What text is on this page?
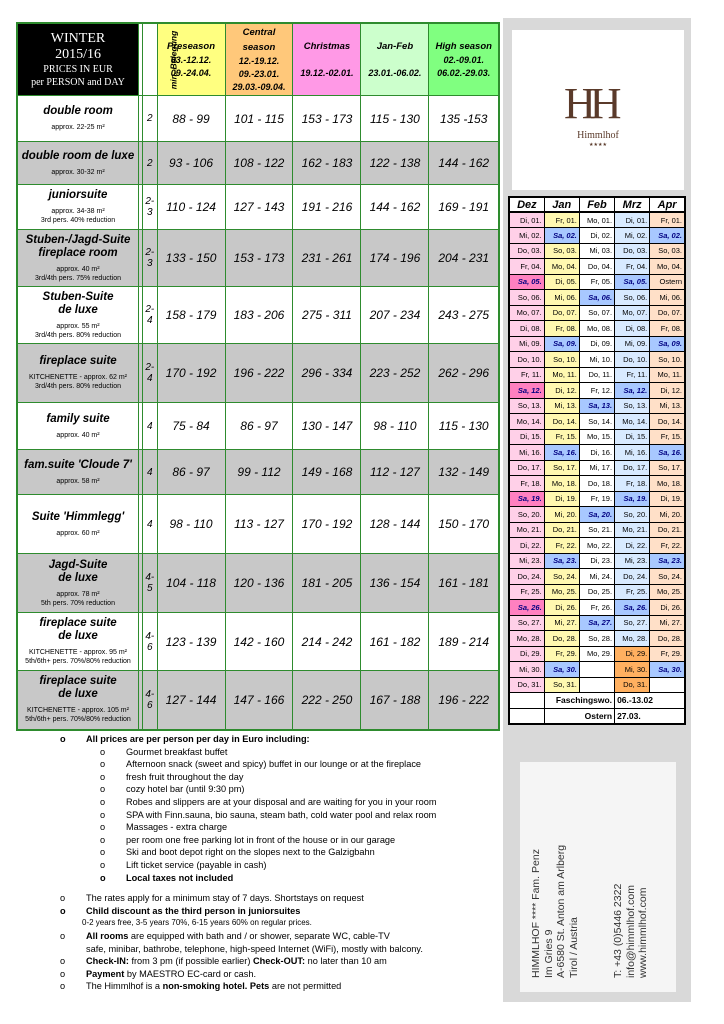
WINTER
2015/16
PRICES IN EUR
per PERSON and DAY		min. Belegung	Preseason
03.-12.12.
09.-24.04.	Central season
12.-19.12.
09.-23.01.
29.03.-09.04.	Christmas

19.12.-02.01.	Jan-Feb

23.01.-06.02.	High season
02.-09.01.
06.02.-29.03.

double room
approx. 22-25 m²		2	88 - 99	101 - 115	153 - 173	115 - 130	135 -153

double room de luxe
approx. 30-32 m²		2	93 - 106	108 - 122	162 - 183	122 - 138	144 - 162

juniorsuite
approx. 34-38 m²
3rd pers. 40% reduction		2-3	110 - 124	127 - 143	191 - 216	144 - 162	169 - 191

Stuben-/Jagd-Suite
fireplace room
approx. 40 m²
3rd/4th pers. 75% reduction		2-3	133 - 150	153 - 173	231 - 261	174 - 196	204 - 231

Stuben-Suite
de luxe
approx. 55 m²
3rd/4th pers. 80% reduction		2-4	158 - 179	183 - 206	275 - 311	207 - 234	243 - 275

fireplace suite
KITCHENETTE - approx. 62 m²
3rd/4th pers. 80% reduction		2-4	170 - 192	196 - 222	296 - 334	223 - 252	262 - 296

family suite
approx. 40 m²		4	75 - 84	86 - 97	130 - 147	98 - 110	115 - 130

fam.suite 'Cloude 7'
approx. 58 m²		4	86 - 97	99 - 112	149 - 168	112 - 127	132 - 149

Suite 'Himmlegg'
approx. 60 m²		4	98 - 110	113 - 127	170 - 192	128 - 144	150 - 170

Jagd-Suite
de luxe
approx. 78 m²
5th pers. 70% reduction		4-5	104 - 118	120 - 136	181 - 205	136 - 154	161 - 181

fireplace suite
de luxe
KITCHENETTE - approx. 95 m²
5th/6th+ pers. 70%/80% reduction		4-6	123 - 139	142 - 160	214 - 242	161 - 182	189 - 214

fireplace suite
de luxe
KITCHENETTE - approx. 105 m²
5th/6th+ pers. 70%/80% reduction		4-6	127 - 144	147 - 166	222 - 250	167 - 188	196 - 222
o All prices are per person per day in Euro including:
o Gourmet breakfast buffet
o Afternoon snack (sweet and spicy) buffet in our lounge or at the fireplace
o fresh fruit throughout the day
o cozy hotel bar (until 9:30 pm)
o Robes and slippers are at your disposal and are waiting for you in your room
o SPA with Finn.sauna, bio sauna, steam bath, cold water pool and relax room
o Massages - extra charge
o per room one free parking lot in front of the house or in our garage
o Ski and boot depot right on the slopes next to the Galzigbahn
o Lift ticket service (payable in cash)
o Local taxes not included
o The rates apply for a minimum stay of 7 days. Shortstays on request
o Child discount as the third person in juniorsuites
0-2 years free, 3-5 years 70%, 6-15 years 60% on regular prices.
o All rooms are equipped with bath and / or shower, separate WC, cable-TV
safe, minibar, bathrobe, telephone, high-speed Internet (WiFi), mostly with balcony.
o Check-IN: from 3 pm (if possible earlier) Check-OUT: no later than 10 am
o Payment by MAESTRO EC-card or cash.
o The Himmlhof is a non-smoking hotel. Pets are not permitted
HH
Himmlhof
★★★★
Dez	Jan	Feb	Mrz	Apr
Di, 01.	Fr, 01.	Mo, 01.	Di, 01.	Fr, 01.
Mi, 02.	Sa, 02.	Di, 02.	Mi, 02.	Sa, 02.
Do, 03.	So, 03.	Mi, 03.	Do, 03.	So, 03.
Fr, 04.	Mo, 04.	Do, 04.	Fr, 04.	Mo, 04.
Sa, 05.	Di, 05.	Fr, 05.	Sa, 05.	Ostern
So, 06.	Mi, 06.	Sa, 06.	So, 06.	Mi, 06.
Mo, 07.	Do, 07.	So, 07.	Mo, 07.	Do, 07.
Di, 08.	Fr, 08.	Mo, 08.	Di, 08.	Fr, 08.
Mi, 09.	Sa, 09.	Di, 09.	Mi, 09.	Sa, 09.
Do, 10.	So, 10.	Mi, 10.	Do, 10.	So, 10.
Fr, 11.	Mo, 11.	Do, 11.	Fr, 11.	Mo, 11.
Sa, 12.	Di, 12.	Fr, 12.	Sa, 12.	Di, 12.
So, 13.	Mi, 13.	Sa, 13.	So, 13.	Mi, 13.
Mo, 14.	Do, 14.	So, 14.	Mo, 14.	Do, 14.
Di, 15.	Fr, 15.	Mo, 15.	Di, 15.	Fr, 15.
Mi, 16.	Sa, 16.	Di, 16.	Mi, 16.	Sa, 16.
Do, 17.	So, 17.	Mi, 17.	Do, 17.	So, 17.
Fr, 18.	Mo, 18.	Do, 18.	Fr, 18.	Mo, 18.
Sa, 19.	Di, 19.	Fr, 19.	Sa, 19.	Di, 19.
So, 20.	Mi, 20.	Sa, 20.	So, 20.	Mi, 20.
Mo, 21.	Do, 21.	So, 21.	Mo, 21.	Do, 21.
Di, 22.	Fr, 22.	Mo, 22.	Di, 22.	Fr, 22.
Mi, 23.	Sa, 23.	Di, 23.	Mi, 23.	Sa, 23.
Do, 24.	So, 24.	Mi, 24.	Do, 24.	So, 24.
Fr, 25.	Mo, 25.	Do, 25.	Fr, 25.	Mo, 25.
Sa, 26.	Di, 26.	Fr, 26.	Sa, 26.	Di, 26.
So, 27.	Mi, 27.	Sa, 27.	So, 27.	Mi, 27.
Mo, 28.	Do, 28.	So, 28.	Mo, 28.	Do, 28.
Di, 29.	Fr, 29.	Mo, 29.	Di, 29.	Fr, 29.
Mi, 30.	Sa, 30.		Mi, 30.	Sa, 30.
Do, 31.	So, 31.		Do, 31.	
	Faschingswo.		06.-13.02	
	Ostern		27.03.	
HIMMLHOF **** Fam. Penz Im Gries 9 A-6580 St. Anton am Arlberg Tirol / Austria	T: +43 (0)5446 2322 info@himmlhof.com www.himmlhof.com
